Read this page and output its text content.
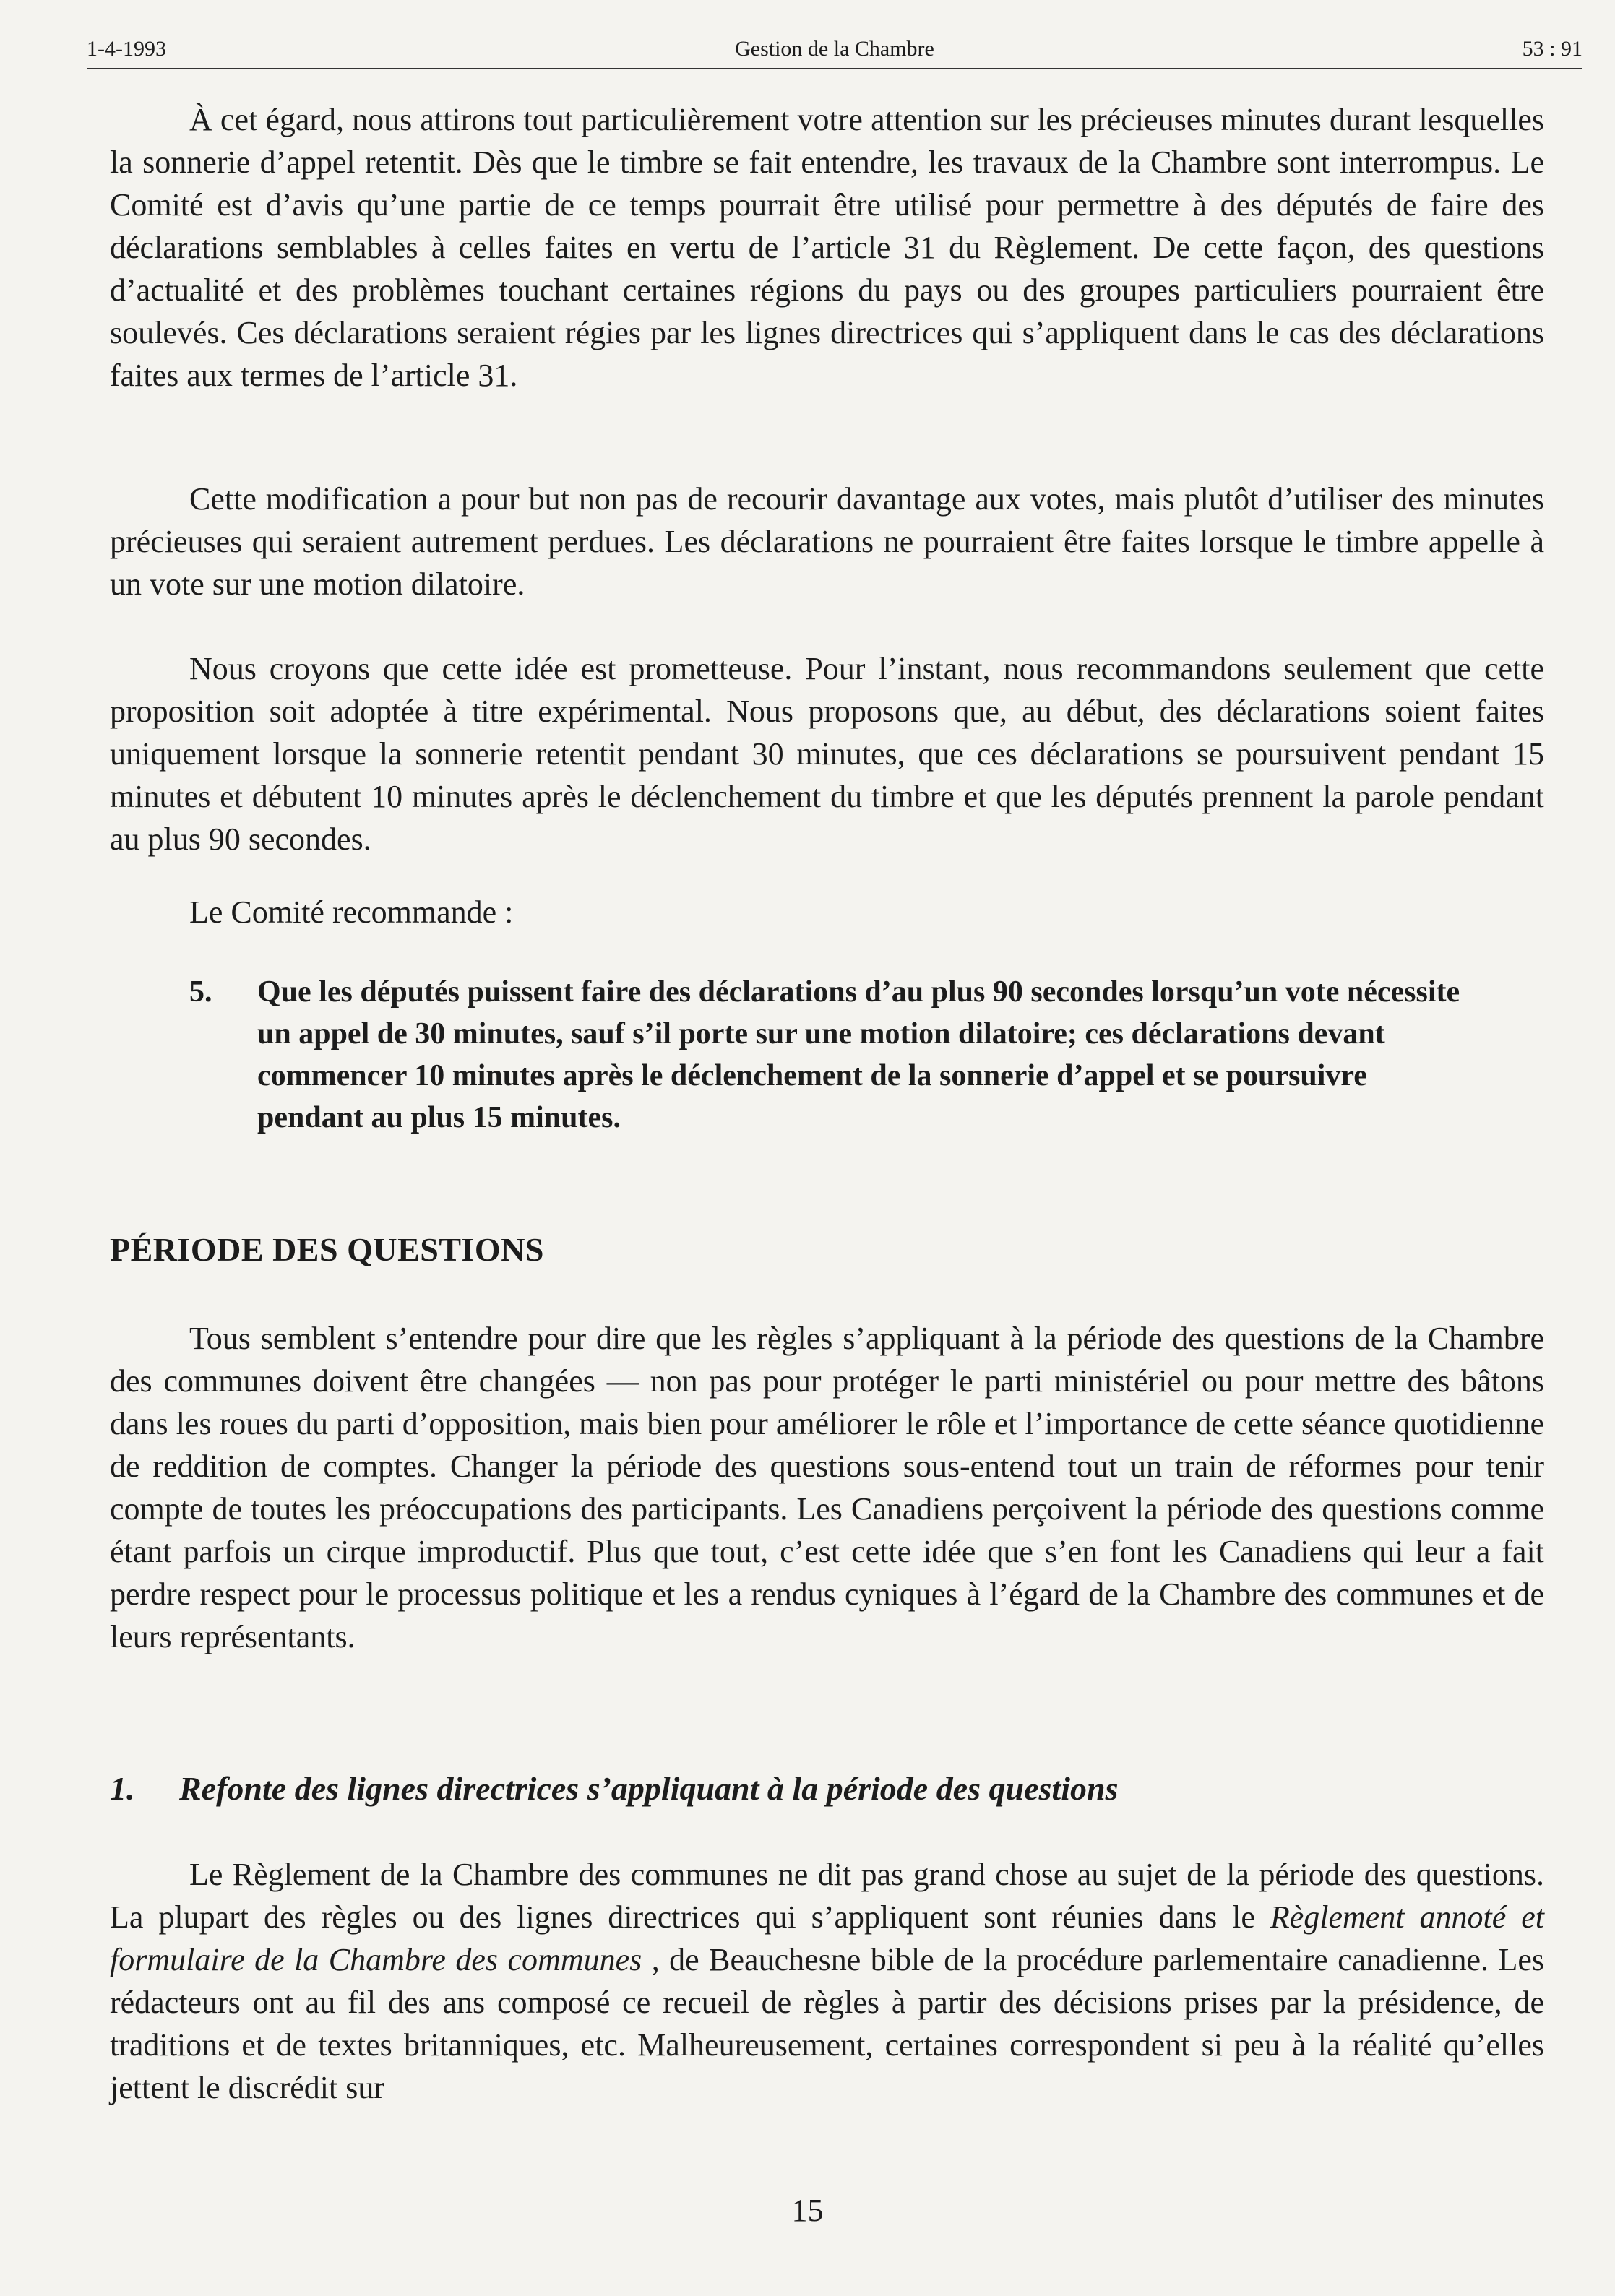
1-4-1993	Gestion de la Chambre	53 : 91

À cet égard, nous attirons tout particulièrement votre attention sur les précieuses minutes durant lesquelles la sonnerie d’appel retentit. Dès que le timbre se fait entendre, les travaux de la Chambre sont interrompus. Le Comité est d’avis qu’une partie de ce temps pourrait être utilisé pour permettre à des députés de faire des déclarations semblables à celles faites en vertu de l’article 31 du Règlement. De cette façon, des questions d’actualité et des problèmes touchant certaines régions du pays ou des groupes particuliers pourraient être soulevés. Ces déclarations seraient régies par les lignes directrices qui s’appliquent dans le cas des déclarations faites aux termes de l’article 31.

Cette modification a pour but non pas de recourir davantage aux votes, mais plutôt d’utiliser des minutes précieuses qui seraient autrement perdues. Les déclarations ne pourraient être faites lorsque le timbre appelle à un vote sur une motion dilatoire.

Nous croyons que cette idée est prometteuse. Pour l’instant, nous recommandons seulement que cette proposition soit adoptée à titre expérimental. Nous proposons que, au début, des déclarations soient faites uniquement lorsque la sonnerie retentit pendant 30 minutes, que ces déclarations se poursuivent pendant 15 minutes et débutent 10 minutes après le déclenchement du timbre et que les députés prennent la parole pendant au plus 90 secondes.

Le Comité recommande :

5. Que les députés puissent faire des déclarations d’au plus 90 secondes lorsqu’un vote nécessite un appel de 30 minutes, sauf s’il porte sur une motion dilatoire; ces déclarations devant commencer 10 minutes après le déclenchement de la sonnerie d’appel et se poursuivre pendant au plus 15 minutes.
PÉRIODE DES QUESTIONS

Tous semblent s’entendre pour dire que les règles s’appliquant à la période des questions de la Chambre des communes doivent être changées — non pas pour protéger le parti ministériel ou pour mettre des bâtons dans les roues du parti d’opposition, mais bien pour améliorer le rôle et l’importance de cette séance quotidienne de reddition de comptes. Changer la période des questions sous-entend tout un train de réformes pour tenir compte de toutes les préoccupations des participants. Les Canadiens perçoivent la période des questions comme étant parfois un cirque improductif. Plus que tout, c’est cette idée que s’en font les Canadiens qui leur a fait perdre respect pour le processus politique et les a rendus cyniques à l’égard de la Chambre des communes et de leurs représentants.

1. Refonte des lignes directrices s’appliquant à la période des questions

Le Règlement de la Chambre des communes ne dit pas grand chose au sujet de la période des questions. La plupart des règles ou des lignes directrices qui s’appliquent sont réunies dans le Règlement annoté et formulaire de la Chambre des communes , de Beauchesne bible de la procédure parlementaire canadienne. Les rédacteurs ont au fil des ans composé ce recueil de règles à partir des décisions prises par la présidence, de traditions et de textes britanniques, etc. Malheureusement, certaines correspondent si peu à la réalité qu’elles jettent le discrédit sur

15
